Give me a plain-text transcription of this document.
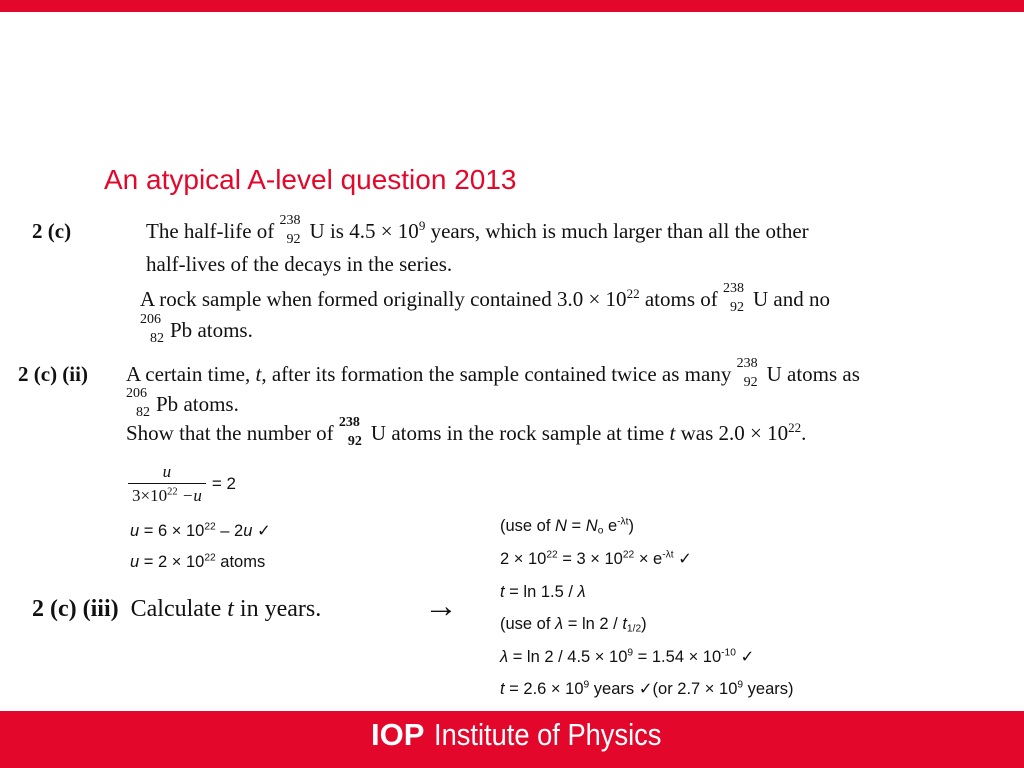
An atypical A-level question 2013
2 (c)	The half-life of 238
92 U is $4.5 \times 10^9$ years, which is much larger than all the other
half-lives of the decays in the series.
A rock sample when formed originally contained $3.0 \times 10^{22}$ atoms of 238
92 U and no
206
82 Pb atoms.
2 (c) (ii) A certain time, t, after its formation the sample contained twice as many 238
92 U atoms as
206
82 Pb atoms.
Show that the number of 238
92 U atoms in the rock sample at time t was $2.0 \times 10^{22}$.
$\frac{u}{3\times 10^{22} -u} = 2$
$u = 6 \times 10^{22} - 2u$ ✓
$u = 2 \times 10^{22}$ atoms
2 (c) (iii) Calculate t in years.	→
(use of $N = N_o$ $e^{-\lambda t}$)
$2 \times 10^{22} = 3 \times 10^{22} \times e^{-\lambda t}$ ✓
t = ln 1.5 / λ
(use of $\lambda = \ln 2 / t_{1/2}$)
$\lambda = \ln 2 / 4.5 \times 10^9 = 1.54 \times 10^{-10}$ ✓
$t = 2.6 \times 10^9$ years ✓(or $2.7 \times 10^9$ years)
IOP Institute of Physics
